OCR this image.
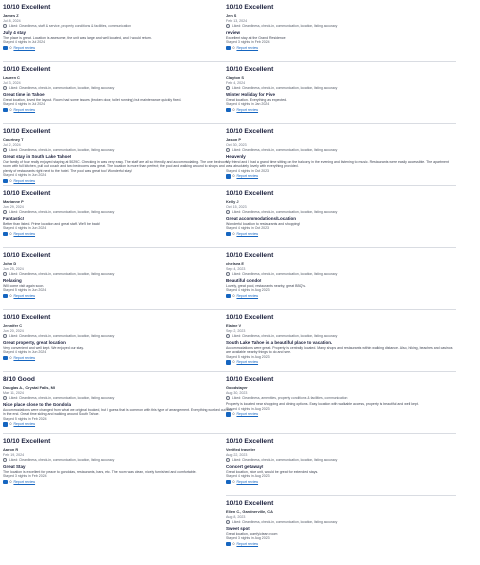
10/10 Excellent
James Z
Jul 8, 2024
Liked: Cleanliness, staff & service, property conditions & facilities, communication
July 4 stay
The place is great. Location is awesome, the unit was large and well located, and I would return.
Stayed 4 nights in Jul 2024
0 Report review
10/10 Excellent
Lauren C
Jul 3, 2024
Liked: Cleanliness, check-in, communication, location, listing accuracy
Great time in Tahoe
Great location, loved the layout. Room had some issues (broken door, toilet running) but maintenance quickly fixed.
Stayed 4 nights in Jul 2024
0 Report review
10/10 Excellent
Courtney T
Jul 2, 2024
Liked: Cleanliness, check-in, communication, location, listing accuracy
Great stay in South Lake Tahoe!
Our family of four really enjoyed staying at 5029C. Checking in was very easy. The staff are all so friendly and accommodating. The one bedroom room with full kitchen, pull out couch and two bedrooms was great. The location is more than perfect; the pool and walking around to shops and plenty of restaurants right next to the hotel. The pool was great too! Wonderful stay!
Stayed 4 nights in Jun 2024
0 Report review
10/10 Excellent
Marianne P
Jun 29, 2024
Liked: Cleanliness, check-in, communication, location, listing accuracy
Fantastic!
Better than listed. Prime location and great staff. We'll be back!
Stayed 4 nights in Jun 2024
0 Report review
10/10 Excellent
John D
Jun 25, 2024
Liked: Cleanliness, check-in, communication, location, listing accuracy
Relaxing
Will come visit again soon.
Stayed 5 nights in Jun 2024
0 Report review
10/10 Excellent
Jennifer C
Jun 20, 2024
Liked: Cleanliness, check-in, communication, location, listing accuracy
Great property, great location
Very convenient and well kept. We enjoyed our stay.
Stayed 4 nights in Jun 2024
0 Report review
8/10 Good
Douglas A., Crystal Falls, MI
Mar 11, 2024
Liked: Cleanliness, check-in, communication, location, listing accuracy
Nice place close to the Gondola
Accommodations were changed from what we original booked, but I guess that is common with this type of arrangement. Everything worked out fine in the end. Great time skiing and walking around South Tahoe.
Stayed 5 nights in Feb 2024
0 Report review
10/10 Excellent
Aaron R
Feb 19, 2024
Liked: Cleanliness, check-in, communication, location, listing accuracy
Great Stay
The location is excellent for peace to gondolas, restaurants, bars, etc. The room was clean, nicely furnished and comfortable.
Stayed 3 nights in Feb 2024
0 Report review
10/10 Excellent
Jen S
Feb 13, 2024
Liked: Cleanliness, check-in, communication, location, listing accuracy
review
Excellent stay at the Grand Residence
Stayed 3 nights in Feb 2024
0 Report review
10/10 Excellent
Clayton S
Feb 4, 2024
Liked: Cleanliness, check-in, communication, location, listing accuracy
Winter Holiday for Five
Great location. Everything as expected.
Stayed 4 nights in Jan 2024
0 Report review
10/10 Excellent
Jason P
Oct 30, 2023
Liked: Cleanliness, check-in, communication, location, listing accuracy
Heavenly
My friend and I had a grand time sitting on the balcony in the evening and listening to music. Restaurants were easily accessible. The apartment was absolutely lovely with everything provided.
Stayed 4 nights in Oct 2023
0 Report review
10/10 Excellent
Kelly J
Oct 15, 2023
Liked: Cleanliness, check-in, communication, location, listing accuracy
Great accommodations/Location
Wonderful location to restaurants and shopping!
Stayed 4 nights in Oct 2023
0 Report review
10/10 Excellent
chelsea E
Sep 4, 2023
Liked: Cleanliness, check-in, communication, location, listing accuracy
Beautiful condo!
Lovely, great pool, restaurants nearby, great BBQ's.
Stayed 4 nights in Aug 2023
0 Report review
10/10 Excellent
Elaine V
Sep 2, 2023
Liked: Cleanliness, check-in, communication, location, listing accuracy
South Lake Tahoe is a beautiful place to vacation.
Accommodations were great. Property is centrally located. Many shops and restaurants within walking distance. Also, hiking, beaches and casinos are available nearby things to do and see.
Stayed 5 nights in Aug 2023
0 Report review
10/10 Excellent
Goodstayer
Aug 30, 2023
Liked: Cleanliness, amenities, property conditions & facilities, communication
Property is located near shopping and dining options. Easy location with walkable access, property is beautiful and well kept.
Stayed 4 nights in Aug 2023
0 Report review
10/10 Excellent
Verified traveler
Aug 22, 2023
Liked: Cleanliness, check-in, communication, location, listing accuracy
Concert getaway!
Great location, nice unit, would be great for extended stays.
Stayed 4 nights in Aug 2023
0 Report review
10/10 Excellent
Ellen C., Gardnerville, CA
Aug 8, 2023
Liked: Cleanliness, check-in, communication, location, listing accuracy
Sweet spot
Great location, comfy/clean room
Stayed 3 nights in Aug 2023
0 Report review
